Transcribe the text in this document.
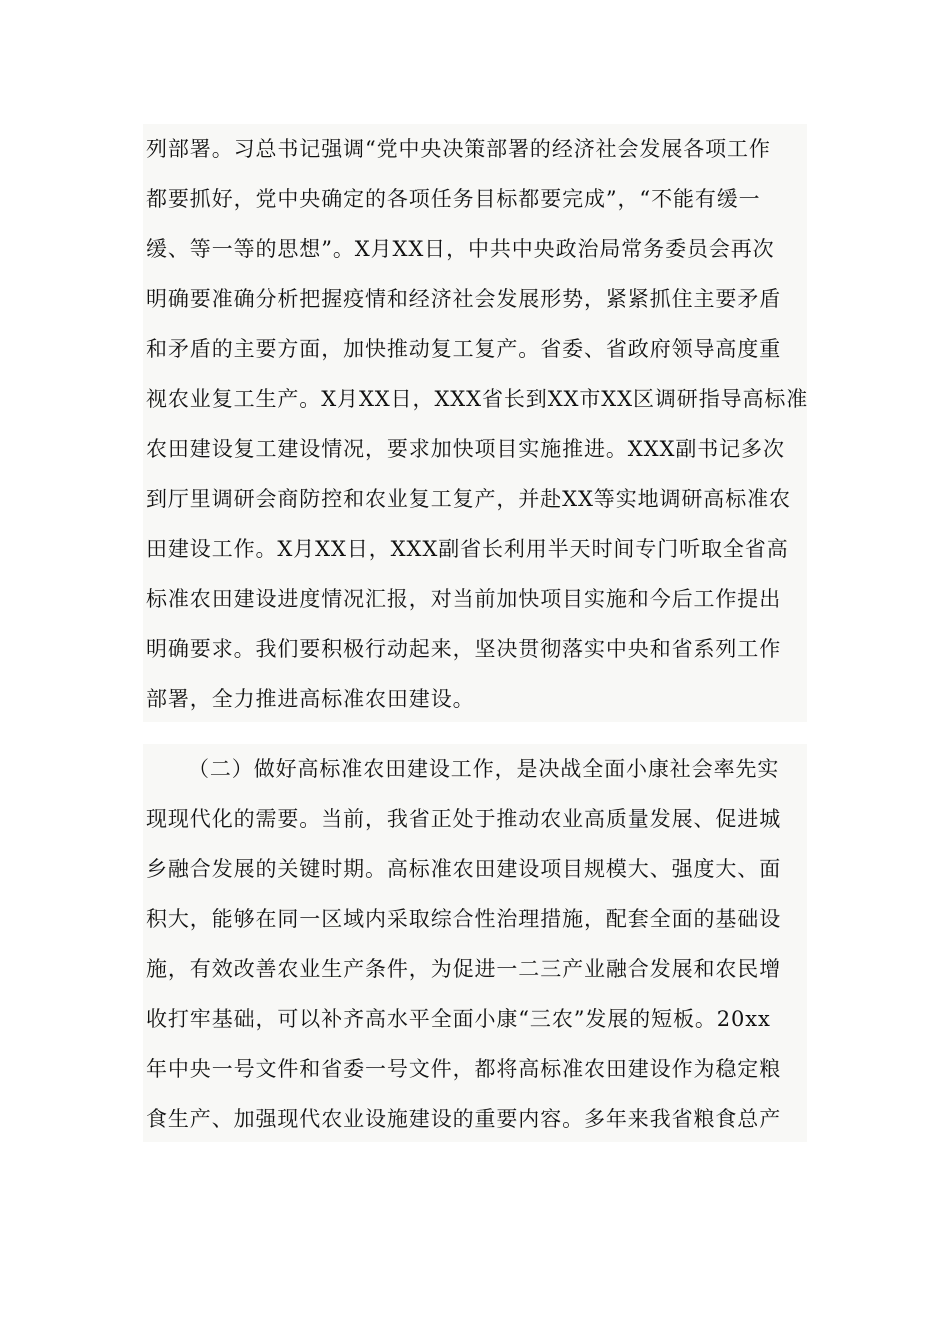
列部署。习总书记强调“党中央决策部署的经济社会发展各项工作
都要抓好，党中央确定的各项任务目标都要完成”，“不能有缓一
缓、等一等的思想”。X月XX日，中共中央政治局常务委员会再次
明确要准确分析把握疫情和经济社会发展形势，紧紧抓住主要矛盾
和矛盾的主要方面，加快推动复工复产。省委、省政府领导高度重
视农业复工生产。X月XX日，XXX省长到XX市XX区调研指导高标准
农田建设复工建设情况，要求加快项目实施推进。XXX副书记多次
到厅里调研会商防控和农业复工复产，并赴XX等实地调研高标准农
田建设工作。X月XX日，XXX副省长利用半天时间专门听取全省高
标准农田建设进度情况汇报，对当前加快项目实施和今后工作提出
明确要求。我们要积极行动起来，坚决贯彻落实中央和省系列工作
部署，全力推进高标准农田建设。
（二）做好高标准农田建设工作，是决战全面小康社会率先实
现现代化的需要。当前，我省正处于推动农业高质量发展、促进城
乡融合发展的关键时期。高标准农田建设项目规模大、强度大、面
积大，能够在同一区域内采取综合性治理措施，配套全面的基础设
施，有效改善农业生产条件，为促进一二三产业融合发展和农民增
收打牢基础，可以补齐高水平全面小康“三农”发展的短板。20xx
年中央一号文件和省委一号文件，都将高标准农田建设作为稳定粮
食生产、加强现代农业设施建设的重要内容。多年来我省粮食总产
